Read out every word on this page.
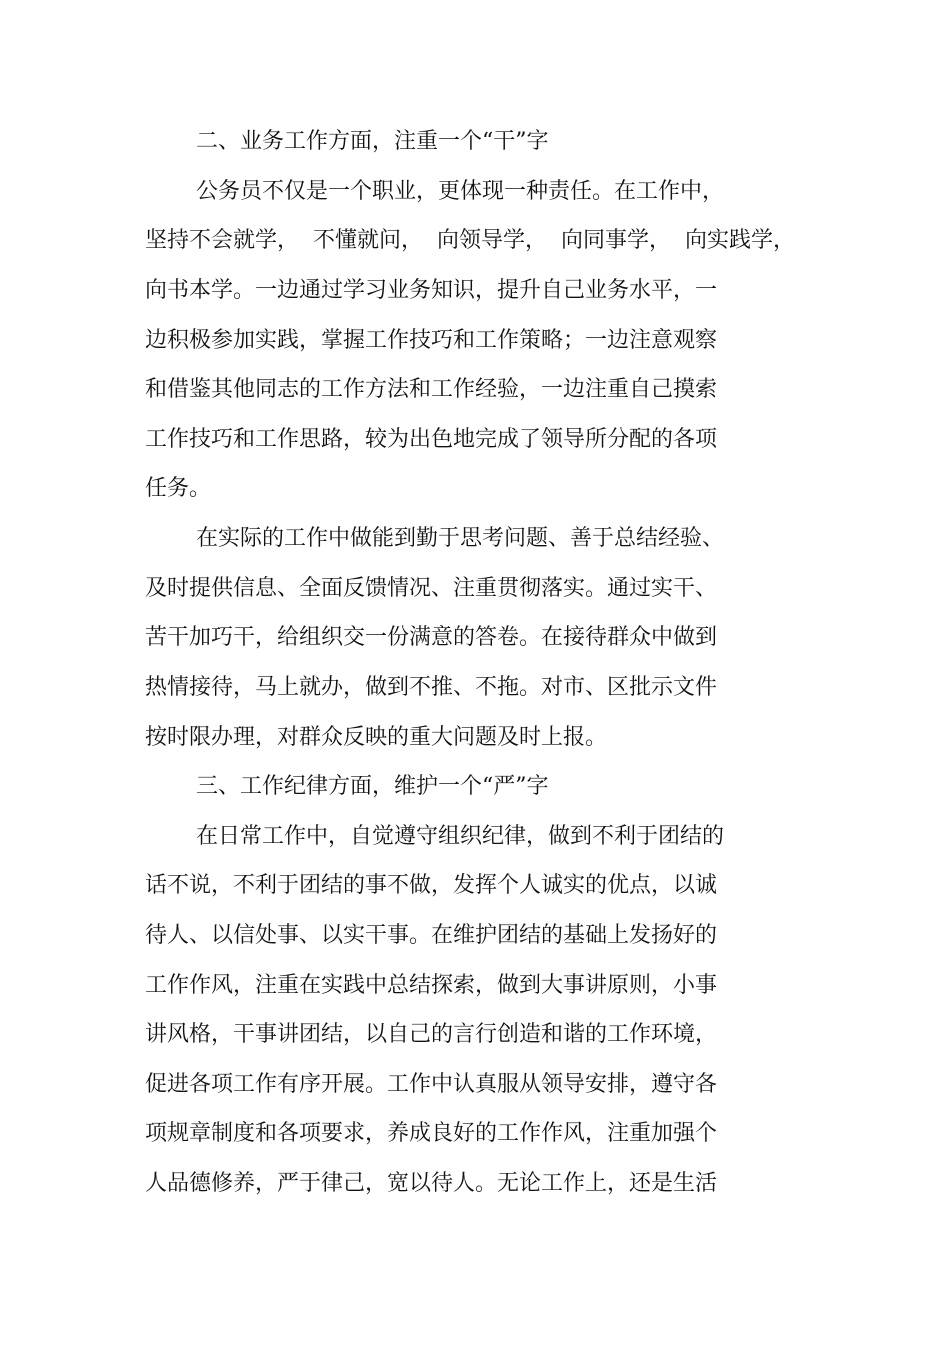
二、业务工作方面，注重一个“干”字

公务员不仅是一个职业，更体现一种责任。在工作中，

坚持不会就学，  不懂就问，  向领导学，  向同事学，  向实践学，

向书本学。一边通过学习业务知识，提升自己业务水平，一

边积极参加实践，掌握工作技巧和工作策略；一边注意观察

和借鉴其他同志的工作方法和工作经验，一边注重自己摸索

工作技巧和工作思路，较为出色地完成了领导所分配的各项

任务。

在实际的工作中做能到勤于思考问题、善于总结经验、

及时提供信息、全面反馈情况、注重贯彻落实。通过实干、

苦干加巧干，给组织交一份满意的答卷。在接待群众中做到

热情接待，马上就办，做到不推、不拖。对市、区批示文件

按时限办理，对群众反映的重大问题及时上报。

三、工作纪律方面，维护一个“严”字

在日常工作中，自觉遵守组织纪律，做到不利于团结的

话不说，不利于团结的事不做，发挥个人诚实的优点，以诚

待人、以信处事、以实干事。在维护团结的基础上发扬好的

工作作风，注重在实践中总结探索，做到大事讲原则，小事

讲风格，干事讲团结，以自己的言行创造和谐的工作环境，

促进各项工作有序开展。工作中认真服从领导安排，遵守各

项规章制度和各项要求，养成良好的工作作风，注重加强个

人品德修养，严于律己，宽以待人。无论工作上，还是生活
